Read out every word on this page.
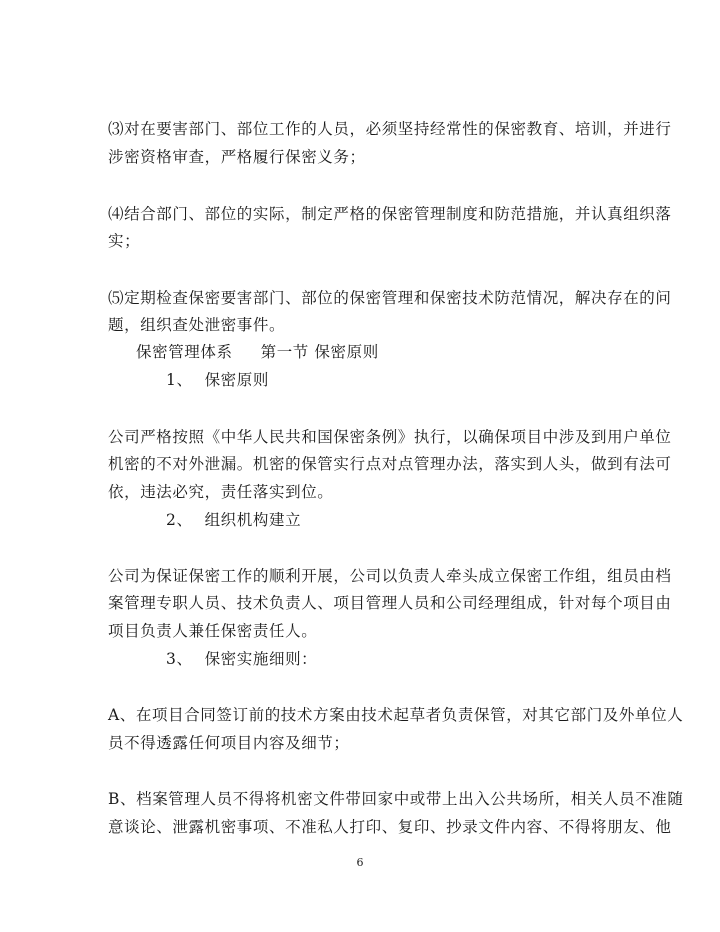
⑶对在要害部门、部位工作的人员，必须坚持经常性的保密教育、培训，并进行
涉密资格审查，严格履行保密义务；
⑷结合部门、部位的实际，制定严格的保密管理制度和防范措施，并认真组织落
实；
⑸定期检查保密要害部门、部位的保密管理和保密技术防范情况，解决存在的问
题，组织查处泄密事件。
保密管理体系 第一节 保密原则
1、 保密原则
公司严格按照《中华人民共和国保密条例》执行，以确保项目中涉及到用户单位
机密的不对外泄漏。机密的保管实行点对点管理办法，落实到人头，做到有法可
依，违法必究，责任落实到位。
2、 组织机构建立
公司为保证保密工作的顺利开展，公司以负责人牵头成立保密工作组，组员由档
案管理专职人员、技术负责人、项目管理人员和公司经理组成，针对每个项目由
项目负责人兼任保密责任人。
3、 保密实施细则：
A、在项目合同签订前的技术方案由技术起草者负责保管，对其它部门及外单位人
员不得透露任何项目内容及细节；
B、档案管理人员不得将机密文件带回家中或带上出入公共场所，相关人员不准随
意谈论、泄露机密事项、不准私人打印、复印、抄录文件内容、不得将朋友、他
6
